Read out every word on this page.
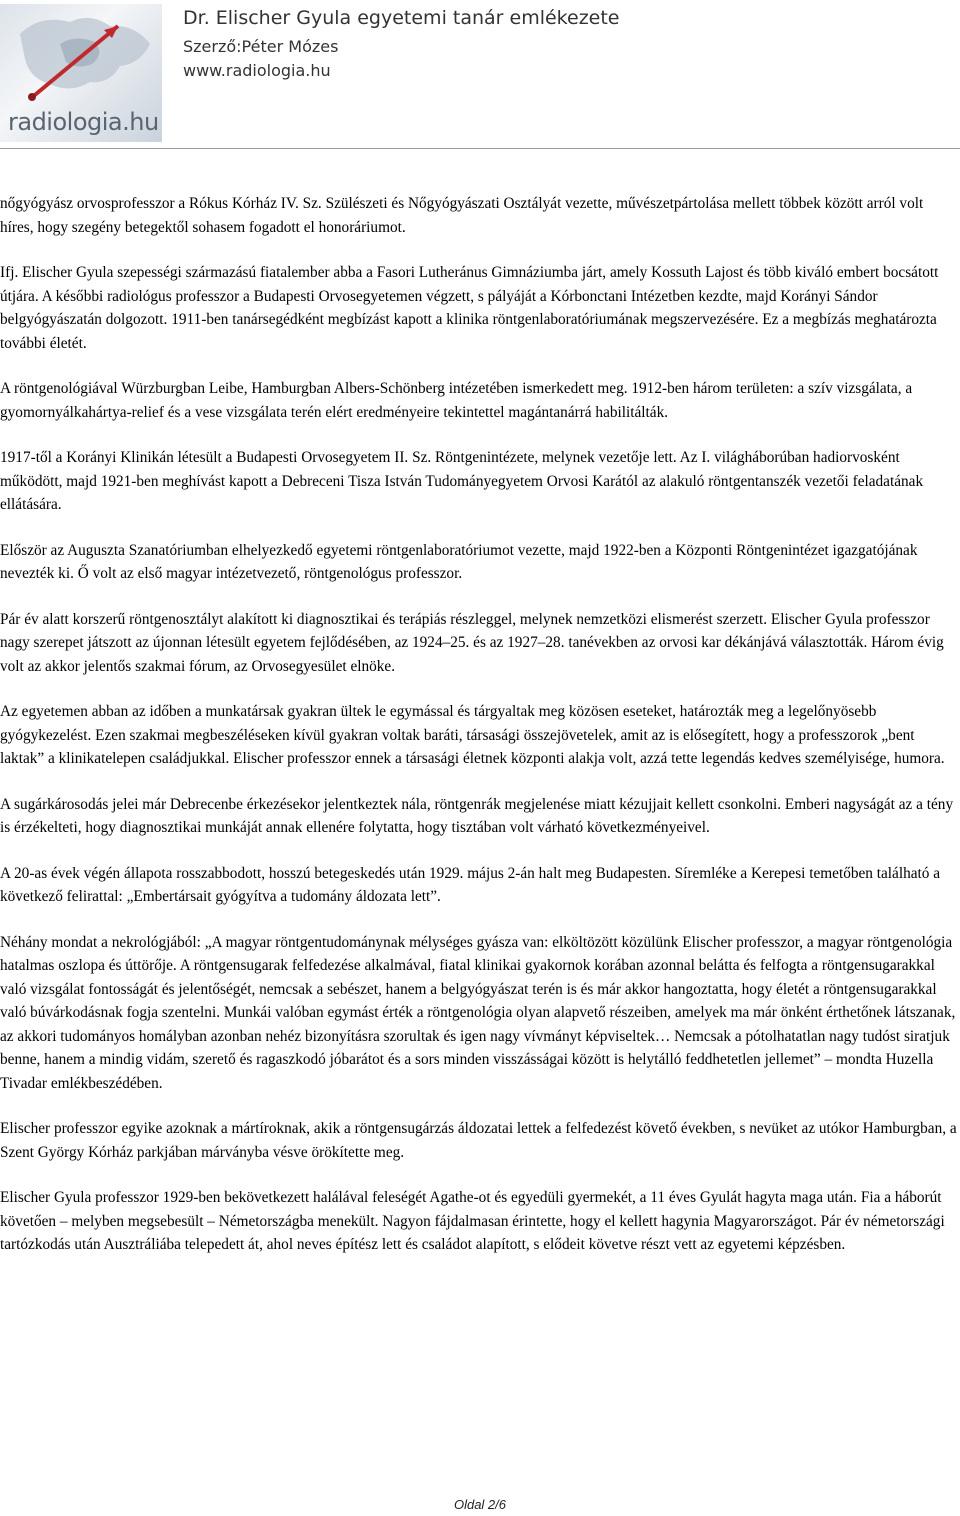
radiologia.hu
Dr. Elischer Gyula egyetemi tanár emlékezete
Szerző:Péter Mózes
www.radiologia.hu

nőgyógyász orvosprofesszor a Rókus Kórház IV. Sz. Szülészeti és Nőgyógyászati Osztályát vezette, művészetpártolása mellett többek között arról volt híres, hogy szegény betegektől sohasem fogadott el honoráriumot.

Ifj. Elischer Gyula szepességi származású fiatalember abba a Fasori Lutheránus Gimnáziumba járt, amely Kossuth Lajost és több kiváló embert bocsátott útjára. A későbbi radiológus professzor a Budapesti Orvosegyetemen végzett, s pályáját a Kórbonctani Intézetben kezdte, majd Korányi Sándor belgyógyászatán dolgozott. 1911-ben tanársegédként megbízást kapott a klinika röntgenlaboratóriumának megszervezésére. Ez a megbízás meghatározta további életét.

A röntgenológiával Würzburgban Leibe, Hamburgban Albers-Schönberg intézetében ismerkedett meg. 1912-ben három területen: a szív vizsgálata, a gyomornyálkahártya-relief és a vese vizsgálata terén elért eredményeire tekintettel magántanárrá habilitálták.

1917-től a Korányi Klinikán létesült a Budapesti Orvosegyetem II. Sz. Röntgenintézete, melynek vezetője lett. Az I. világháborúban hadiorvosként működött, majd 1921-ben meghívást kapott a Debreceni Tisza István Tudományegyetem Orvosi Karától az alakuló röntgentanszék vezetői feladatának ellátására.

Először az Auguszta Szanatóriumban elhelyezkedő egyetemi röntgenlaboratóriumot vezette, majd 1922-ben a Központi Röntgenintézet igazgatójának nevezték ki. Ő volt az első magyar intézetvezető, röntgenológus professzor.

Pár év alatt korszerű röntgenosztályt alakított ki diagnosztikai és terápiás részleggel, melynek nemzetközi elismerést szerzett. Elischer Gyula professzor nagy szerepet játszott az újonnan létesült egyetem fejlődésében, az 1924–25. és az 1927–28. tanévekben az orvosi kar dékánjává választották. Három évig volt az akkor jelentős szakmai fórum, az Orvosegyesület elnöke.

Az egyetemen abban az időben a munkatársak gyakran ültek le egymással és tárgyaltak meg közösen eseteket, határozták meg a legelőnyösebb gyógykezelést. Ezen szakmai megbeszéléseken kívül gyakran voltak baráti, társasági összejövetelek, amit az is elősegített, hogy a professzorok „bent laktak” a klinikatelepen családjukkal. Elischer professzor ennek a társasági életnek központi alakja volt, azzá tette legendás kedves személyisége, humora.

A sugárkárosodás jelei már Debrecenbe érkezésekor jelentkeztek nála, röntgenrák megjelenése miatt kézujjait kellett csonkolni. Emberi nagyságát az a tény is érzékelteti, hogy diagnosztikai munkáját annak ellenére folytatta, hogy tisztában volt várható következményeivel.

A 20-as évek végén állapota rosszabbodott, hosszú betegeskedés után 1929. május 2-án halt meg Budapesten. Síremléke a Kerepesi temetőben található a következő felirattal: „Embertársait gyógyítva a tudomány áldozata lett”.

Néhány mondat a nekrológjából: „A magyar röntgentudománynak mélységes gyásza van: elköltözött közülünk Elischer professzor, a magyar röntgenológia hatalmas oszlopa és úttörője. A röntgensugarak felfedezése alkalmával, fiatal klinikai gyakornok korában azonnal belátta és felfogta a röntgensugarakkal való vizsgálat fontosságát és jelentőségét, nemcsak a sebészet, hanem a belgyógyászat terén is és már akkor hangoztatta, hogy életét a röntgensugarakkal való búvárkodásnak fogja szentelni. Munkái valóban egymást érték a röntgenológia olyan alapvető részeiben, amelyek ma már önként érthetőnek látszanak, az akkori tudományos homályban azonban nehéz bizonyításra szorultak és igen nagy vívmányt képviseltek… Nemcsak a pótolhatatlan nagy tudóst siratjuk benne, hanem a mindig vidám, szerető és ragaszkodó jóbarátot és a sors minden visszásságai között is helytálló feddhetetlen jellemet” – mondta Huzella Tivadar emlékbeszédében.

Elischer professzor egyike azoknak a mártíroknak, akik a röntgensugárzás áldozatai lettek a felfedezést követő években, s nevüket az utókor Hamburgban, a Szent György Kórház parkjában márványba vésve örökítette meg.

Elischer Gyula professzor 1929-ben bekövetkezett halálával feleségét Agathe-ot és egyedüli gyermekét, a 11 éves Gyulát hagyta maga után. Fia a háborút követően – melyben megsebesült – Németországba menekült. Nagyon fájdalmasan érintette, hogy el kellett hagynia Magyarországot. Pár év németországi tartózkodás után Ausztráliába telepedett át, ahol neves építész lett és családot alapított, s elődeit követve részt vett az egyetemi képzésben.

Oldal 2/6
